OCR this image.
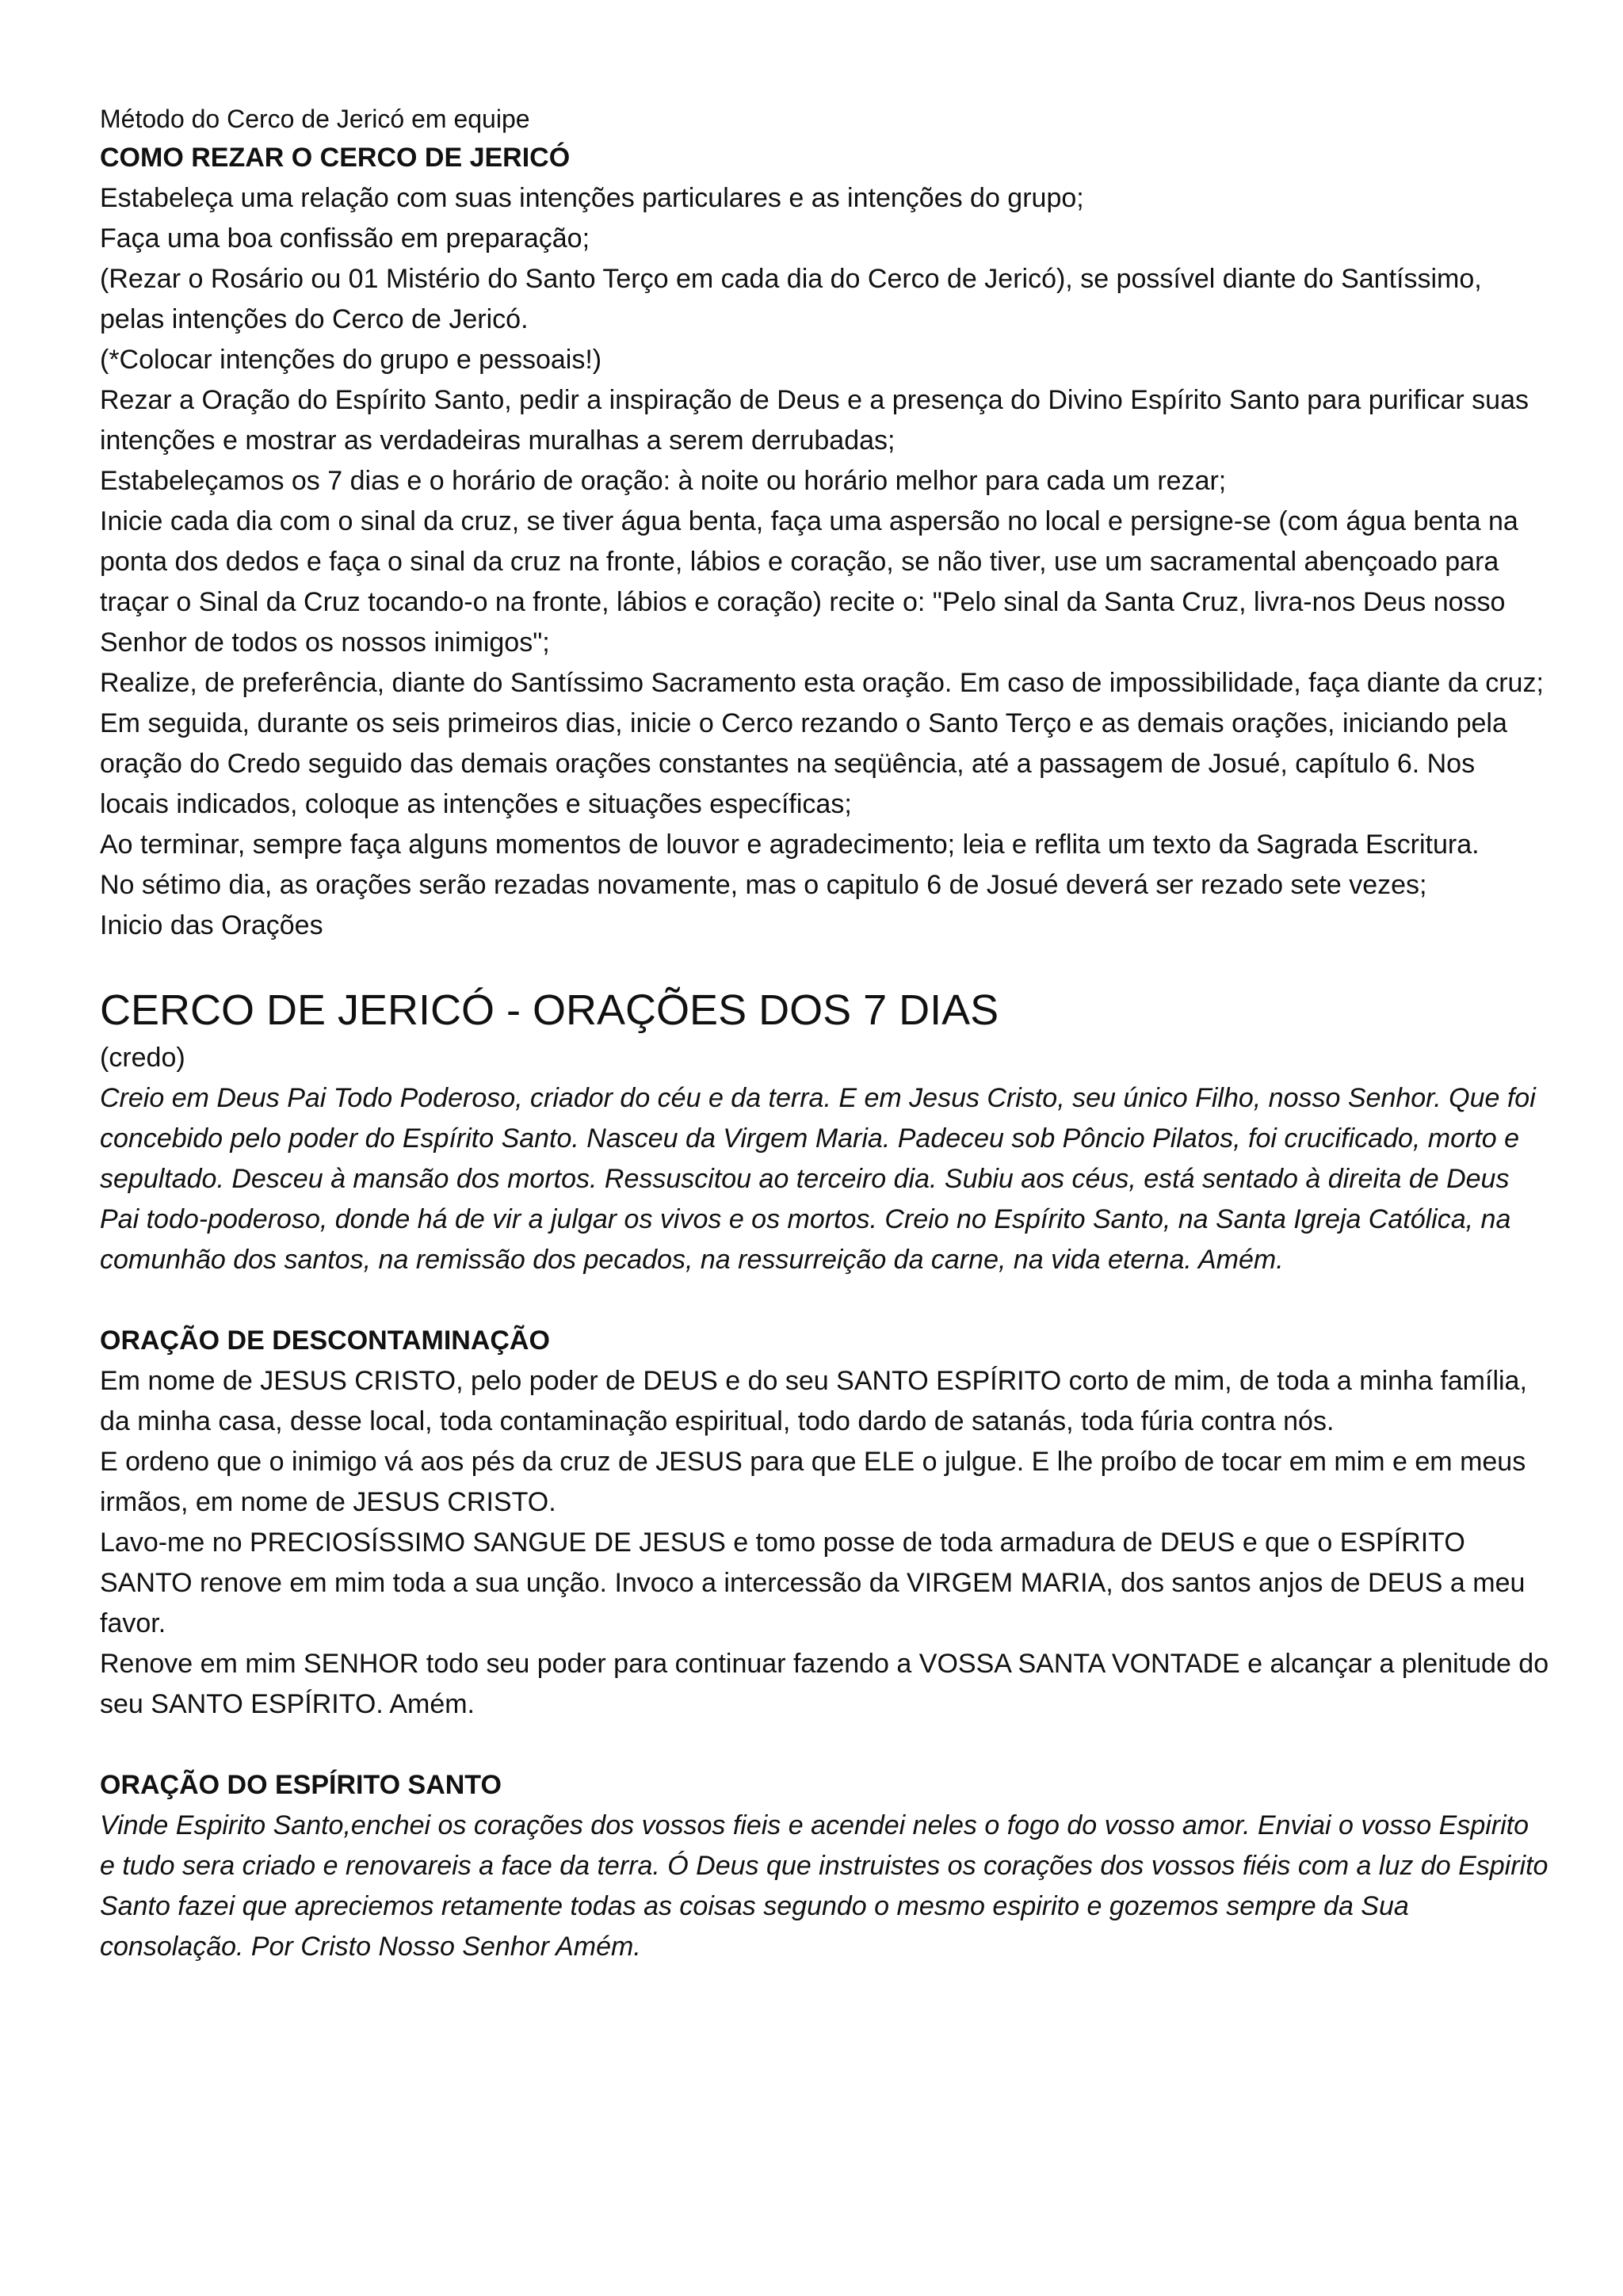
Método do Cerco de Jericó em equipe

COMO REZAR O CERCO DE JERICÓ

Estabeleça uma relação com suas intenções particulares e as intenções do grupo;

Faça uma boa confissão em preparação;

(Rezar o Rosário ou 01 Mistério do Santo Terço em cada dia do Cerco de Jericó), se possível diante do Santíssimo, pelas intenções do Cerco de Jericó.

(*Colocar intenções do grupo e pessoais!)

Rezar a Oração do Espírito Santo, pedir a inspiração de Deus e a presença do Divino Espírito Santo para purificar suas intenções e mostrar as verdadeiras muralhas a serem derrubadas;

Estabeleçamos os 7 dias e o horário de oração: à noite ou horário melhor para cada um rezar;

Inicie cada dia com o sinal da cruz, se tiver água benta, faça uma aspersão no local e persigne-se (com água benta na ponta dos dedos e faça o sinal da cruz na fronte, lábios e coração, se não tiver, use um sacramental abençoado para traçar o Sinal da Cruz tocando-o na fronte, lábios e coração) recite o: "Pelo sinal da Santa Cruz, livra-nos Deus nosso Senhor de todos os nossos inimigos";

Realize, de preferência, diante do Santíssimo Sacramento esta oração. Em caso de impossibilidade, faça diante da cruz;

Em seguida, durante os seis primeiros dias, inicie o Cerco rezando o Santo Terço e as demais orações, iniciando pela oração do Credo seguido das demais orações constantes na seqüência, até a passagem de Josué, capítulo 6. Nos locais indicados, coloque as intenções e situações específicas;

Ao terminar, sempre faça alguns momentos de louvor e agradecimento; leia e reflita um texto da Sagrada Escritura.

No sétimo dia, as orações serão rezadas novamente, mas o capitulo 6 de Josué deverá ser rezado sete vezes;

Inicio das Orações

CERCO DE JERICÓ - ORAÇÕES DOS 7 DIAS

(credo)

Creio em Deus Pai Todo Poderoso, criador do céu e da terra. E em Jesus Cristo, seu único Filho, nosso Senhor. Que foi concebido pelo poder do Espírito Santo. Nasceu da Virgem Maria. Padeceu sob Pôncio Pilatos, foi crucificado, morto e sepultado. Desceu à mansão dos mortos. Ressuscitou ao terceiro dia. Subiu aos céus, está sentado à direita de Deus Pai todo-poderoso, donde há de vir a julgar os vivos e os mortos. Creio no Espírito Santo, na Santa Igreja Católica, na comunhão dos santos, na remissão dos pecados, na ressurreição da carne, na vida eterna. Amém.

ORAÇÃO DE DESCONTAMINAÇÃO

Em nome de JESUS CRISTO, pelo poder de DEUS e do seu SANTO ESPÍRITO corto de mim, de toda a minha família, da minha casa, desse local, toda contaminação espiritual, todo dardo de satanás, toda fúria contra nós.

E ordeno que o inimigo vá aos pés da cruz de JESUS para que ELE o julgue. E lhe proíbo de tocar em mim e em meus irmãos, em nome de JESUS CRISTO.

Lavo-me no PRECIOSÍSSIMO SANGUE DE JESUS e tomo posse de toda armadura de DEUS e que o ESPÍRITO SANTO renove em mim toda a sua unção. Invoco a intercessão da VIRGEM MARIA, dos santos anjos de DEUS a meu favor.

Renove em mim SENHOR todo seu poder para continuar fazendo a VOSSA SANTA VONTADE e alcançar a plenitude do seu SANTO ESPÍRITO. Amém.

ORAÇÃO DO ESPÍRITO SANTO

Vinde Espirito Santo,enchei os corações dos vossos fieis e acendei neles o fogo do vosso amor. Enviai o vosso Espirito e tudo sera criado e renovareis a face da terra. Ó Deus que instruistes os corações dos vossos fiéis com a luz do Espirito Santo fazei que apreciemos retamente todas as coisas segundo o mesmo espirito e gozemos sempre da Sua consolação. Por Cristo Nosso Senhor Amém.
